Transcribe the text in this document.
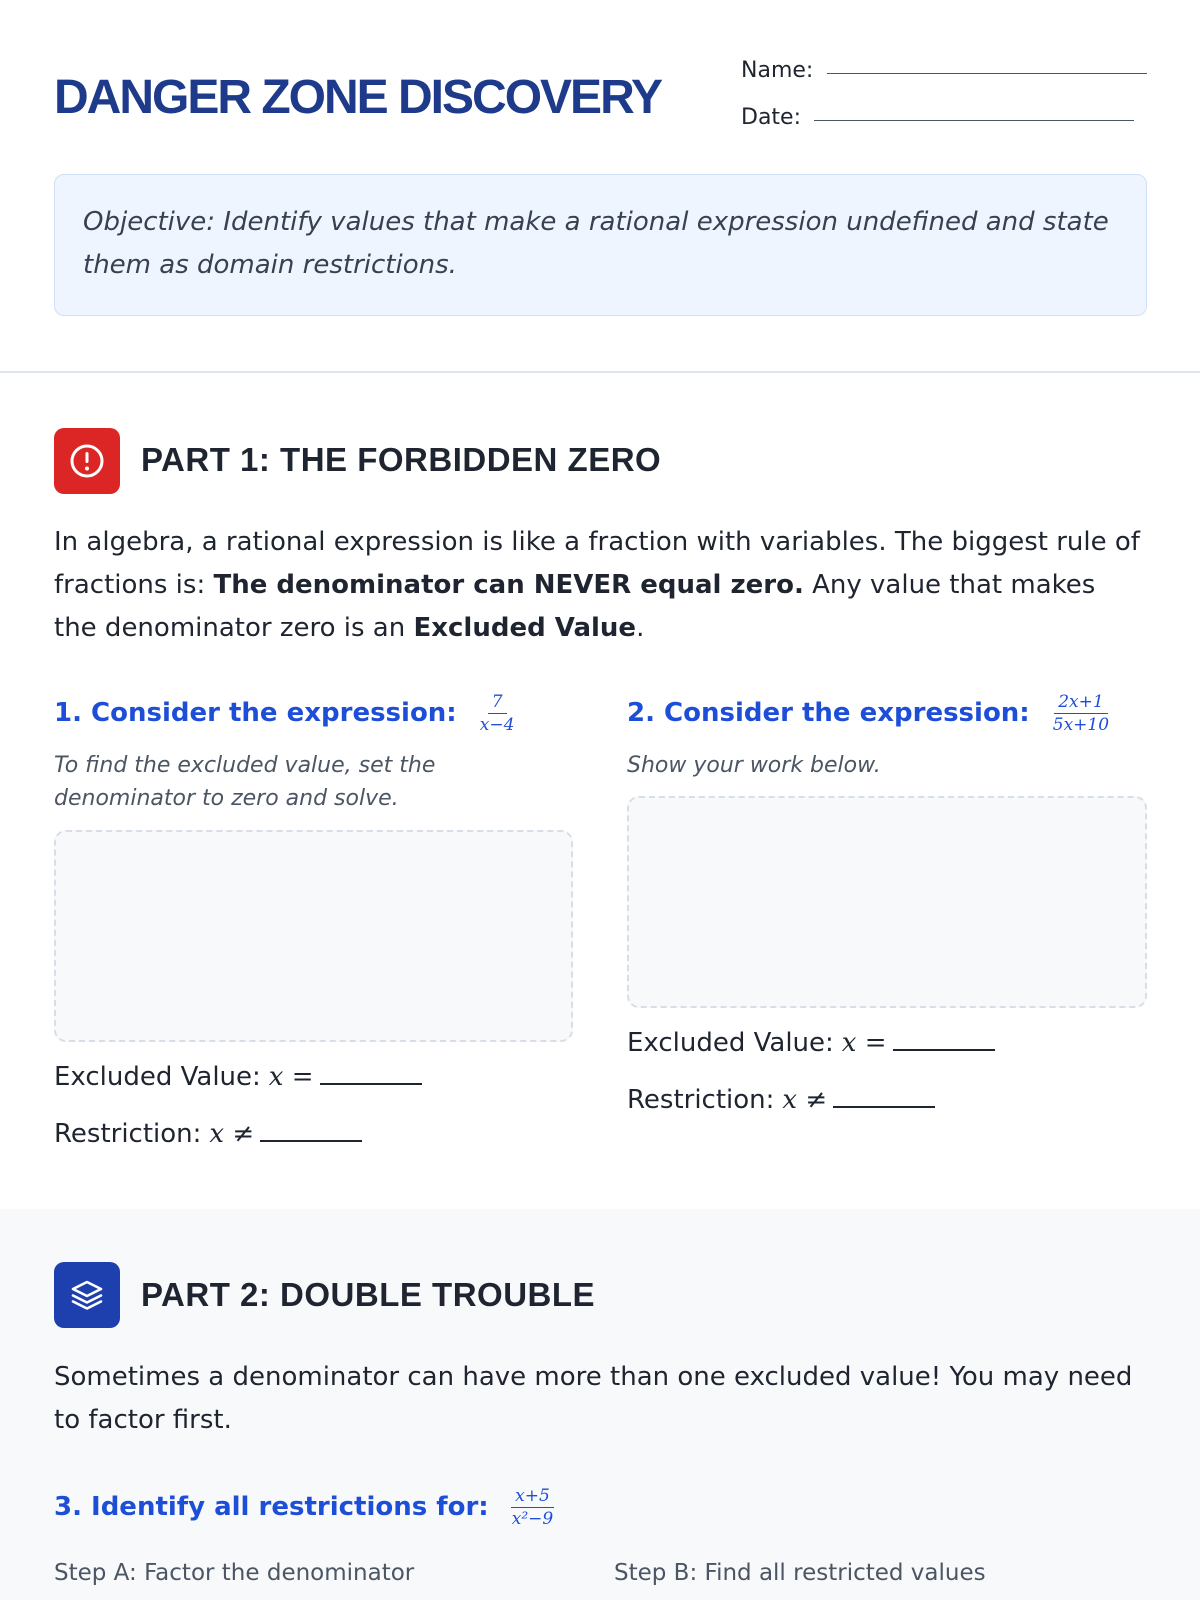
DANGER ZONE DISCOVERY
Name:
Date:
Objective: Identify values that make a rational expression undefined and state them as domain restrictions.
PART 1: THE FORBIDDEN ZERO

In algebra, a rational expression is like a fraction with variables. The biggest rule of fractions is: The denominator can NEVER equal zero. Any value that makes the denominator zero is an Excluded Value.

1. Consider the expression: $\frac{7}{x-4}$

To find the excluded value, set the denominator to zero and solve.

Excluded Value: x =
Restriction: x ≠
2. Consider the expression: $\frac{2x+1}{5x+10}$

Show your work below.

Excluded Value: x =
Restriction: x ≠
PART 2: DOUBLE TROUBLE

Sometimes a denominator can have more than one excluded value! You may need to factor first.

3. Identify all restrictions for: $\frac{x+5}{\text{x²−9}}$
Step A: Factor the denominator	Step B: Find all restricted values
